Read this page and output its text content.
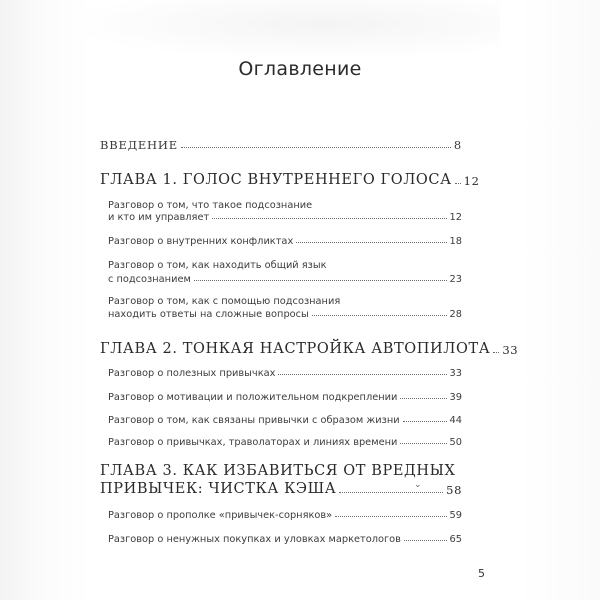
Оглавление
ВВЕДЕНИЕ	8
ГЛАВА 1. ГОЛОС ВНУТРЕННЕГО ГОЛОСА 12
Разговор о том, что такое подсознание
и кто им управляет	12
Разговор о внутренних конфликтах	18
Разговор о том, как находить общий язык
с подсознанием	23
Разговор о том, как с помощью подсознания
находить ответы на сложные вопросы	28
ГЛАВА 2. ТОНКАЯ НАСТРОЙКА АВТОПИЛОТА 33
Разговор о полезных привычках	33
Разговор о мотивации и положительном подкреплении	39
Разговор о том, как связаны привычки с образом жизни	44
Разговор о привычках, траволаторах и линиях времени	50
ГЛАВА 3. КАК ИЗБАВИТЬСЯ ОТ ВРЕДНЫХ
⌄
ПРИВЫЧЕК: ЧИСТКА КЭША	58
Разговор о прополке «привычек-сорняков»	59
Разговор о ненужных покупках и уловках маркетологов	65
5
